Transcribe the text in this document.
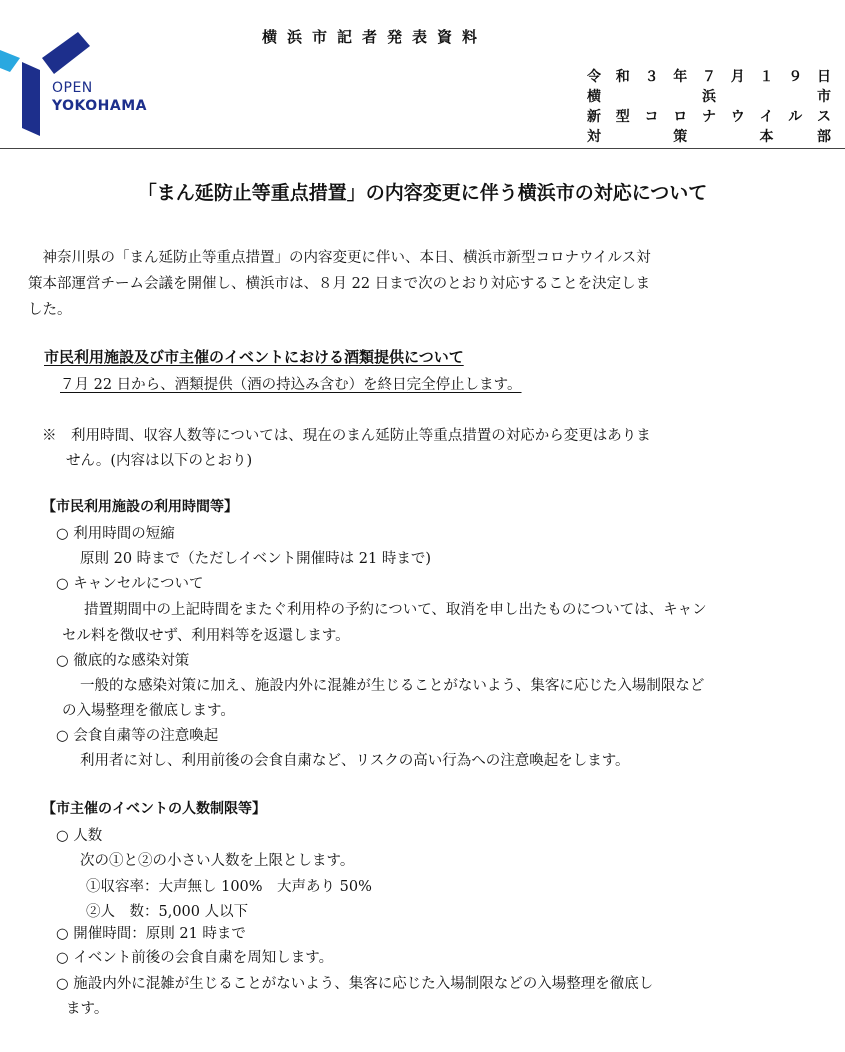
OPEN
YOKOHAMA
横浜市記者発表資料
令 和 ３ 年 ７ 月 １ ９ 日
横	浜	市
新 型 コ ロ ナ ウ イ ル ス
対	策	本	部
「まん延防止等重点措置」の内容変更に伴う横浜市の対応について
　神奈川県の「まん延防止等重点措置」の内容変更に伴い、本日、横浜市新型コロナウイルス対
策本部運営チーム会議を開催し、横浜市は、８月 22 日まで次のとおり対応することを決定しま
した。
市民利用施設及び市主催のイベントにおける酒類提供について
７月 22 日から、酒類提供（酒の持込み含む）を終日完全停止します。
※　利用時間、収容人数等については、現在のまん延防止等重点措置の対応から変更はありま
せん。(内容は以下のとおり)
【市民利用施設の利用時間等】
○ 利用時間の短縮
原則 20 時まで（ただしイベント開催時は 21 時まで)
○ キャンセルについて
措置期間中の上記時間をまたぐ利用枠の予約について、取消を申し出たものについては、キャン
セル料を徴収せず、利用料等を返還します。
○ 徹底的な感染対策
一般的な感染対策に加え、施設内外に混雑が生じることがないよう、集客に応じた入場制限など
の入場整理を徹底します。
○ 会食自粛等の注意喚起
利用者に対し、利用前後の会食自粛など、リスクの高い行為への注意喚起をします。
【市主催のイベントの人数制限等】
○ 人数
次の①と②の小さい人数を上限とします。
①収容率：大声無し 100%　大声あり 50%
②人　数：5,000 人以下
○ 開催時間：原則 21 時まで
○ イベント前後の会食自粛を周知します。
○ 施設内外に混雑が生じることがないよう、集客に応じた入場制限などの入場整理を徹底し
ます。
